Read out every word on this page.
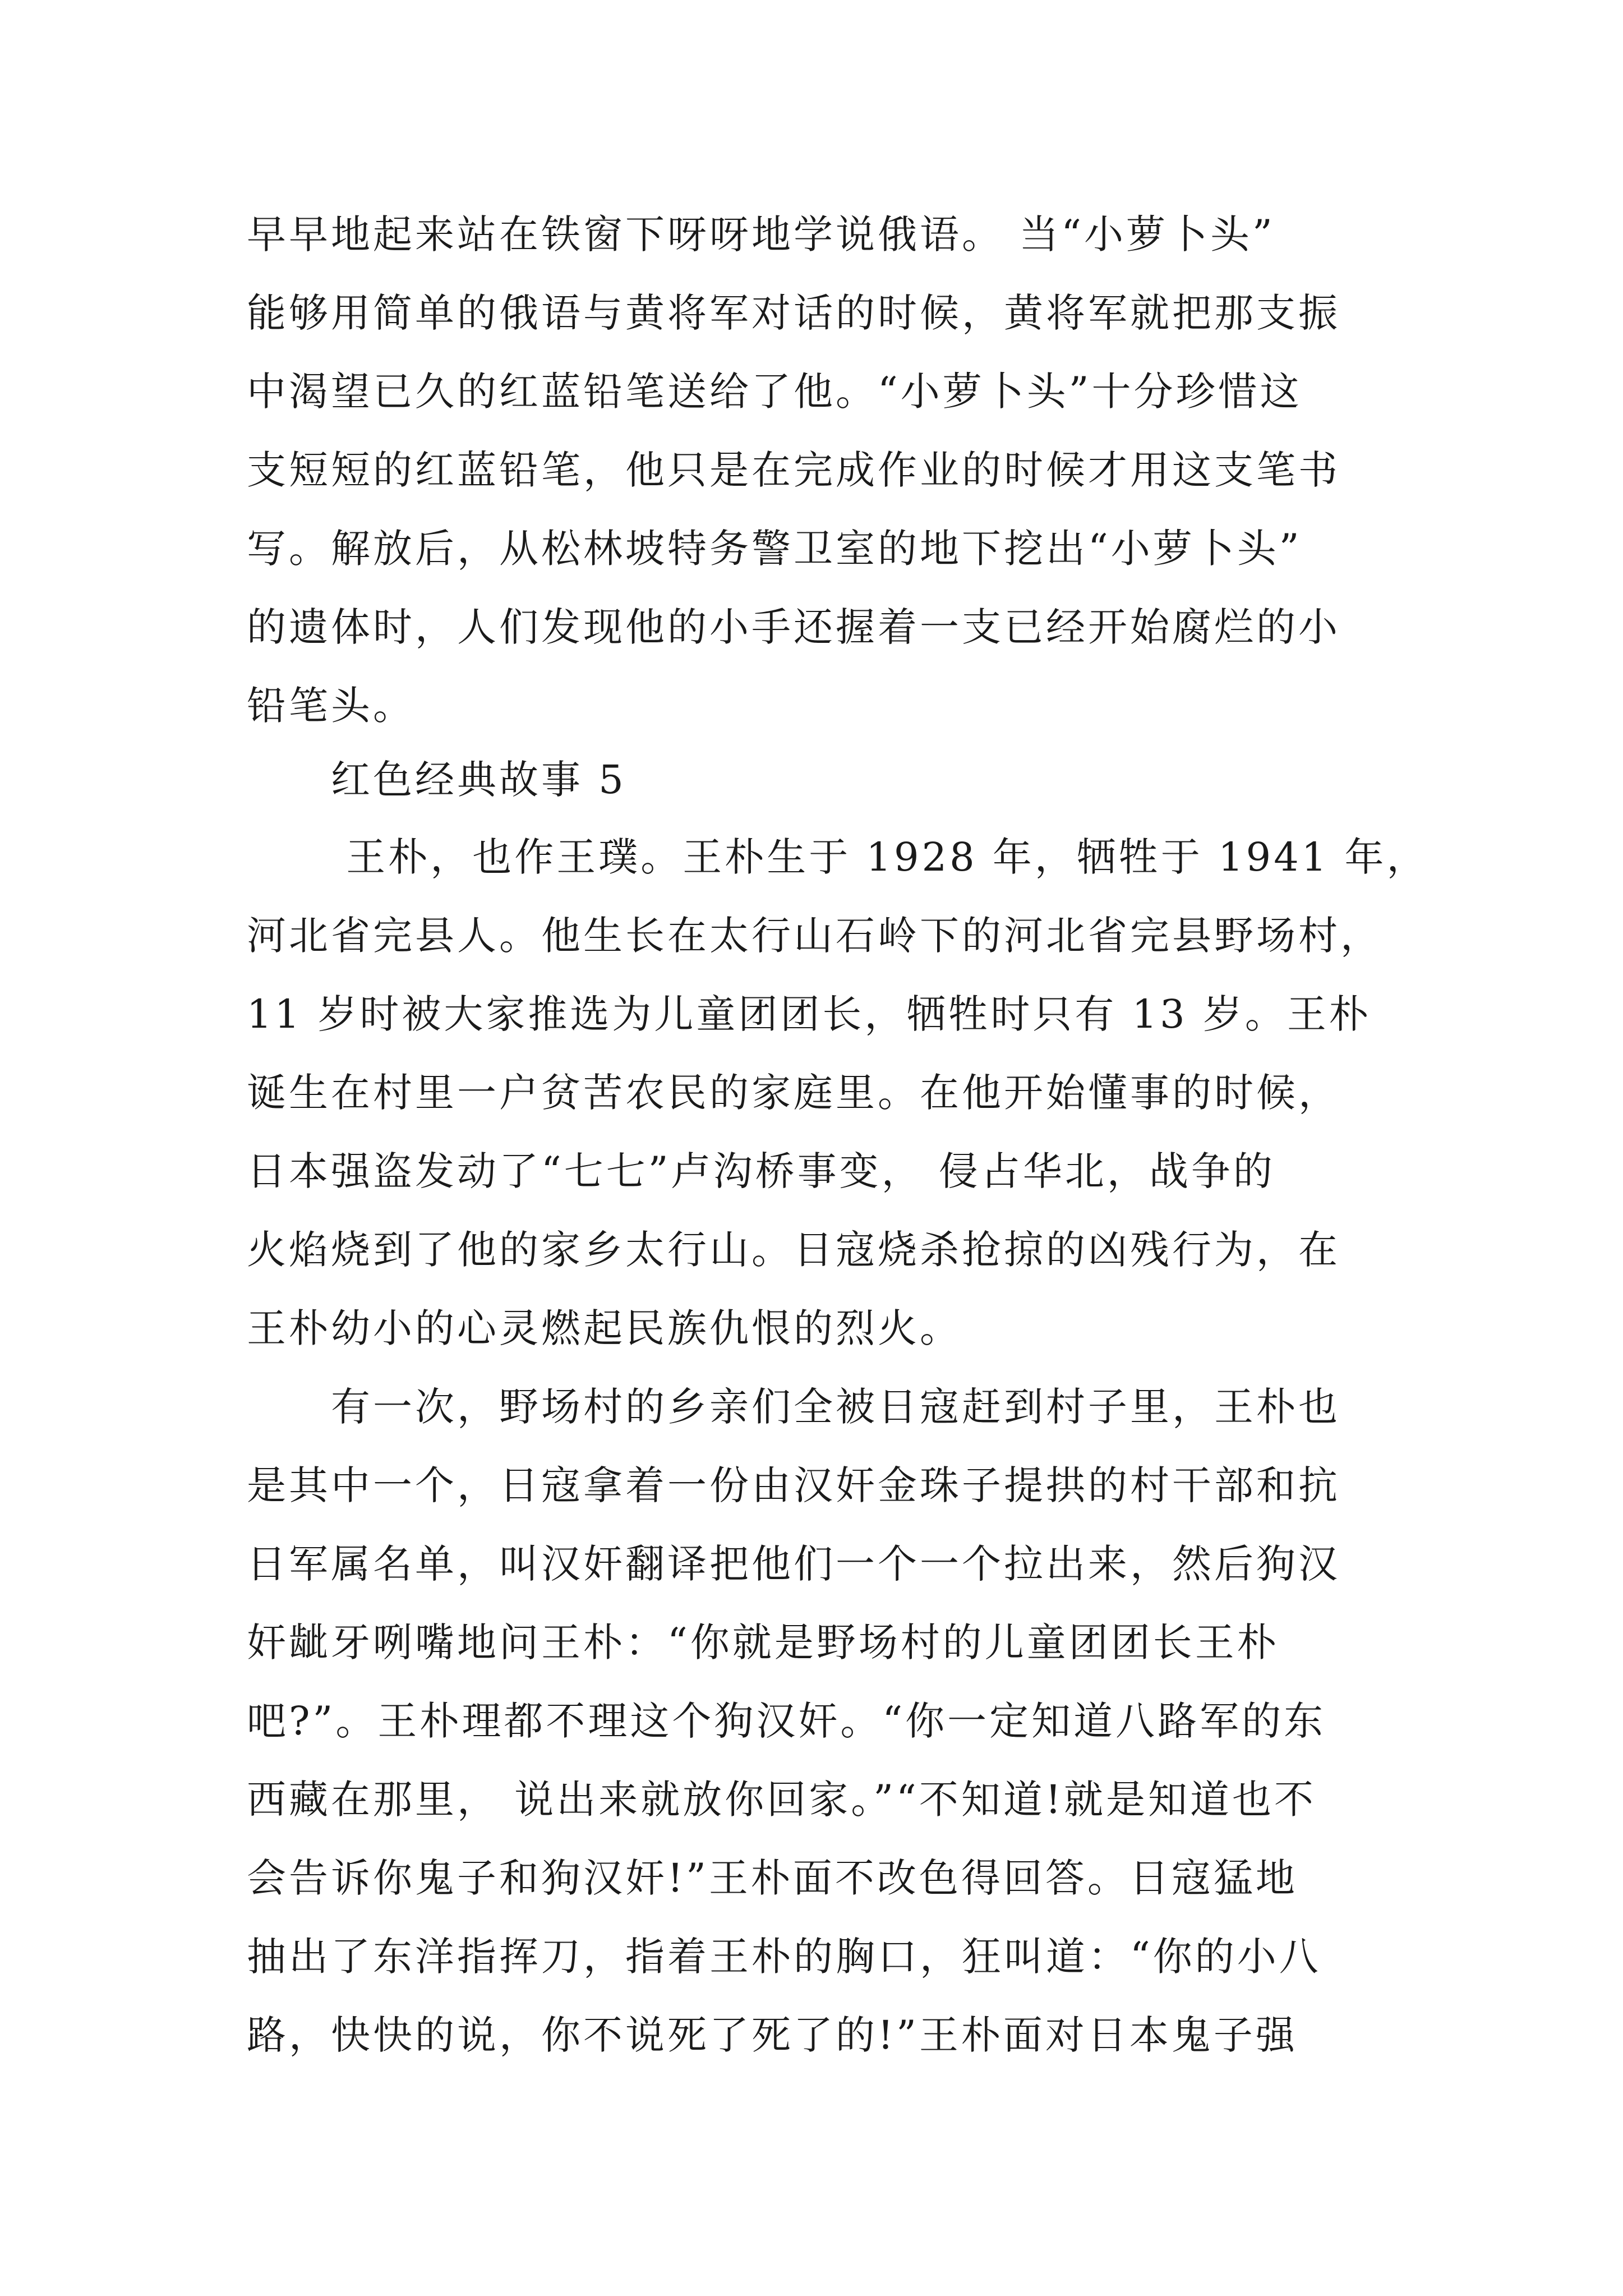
早早地起来站在铁窗下呀呀地学说俄语。 当“小萝卜头”
能够用简单的俄语与黄将军对话的时候，黄将军就把那支振
中渴望已久的红蓝铅笔送给了他。“小萝卜头”十分珍惜这
支短短的红蓝铅笔，他只是在完成作业的时候才用这支笔书
写。解放后，从松林坡特务警卫室的地下挖出“小萝卜头”
的遗体时，人们发现他的小手还握着一支已经开始腐烂的小
铅笔头。
红色经典故事 5
王朴，也作王璞。王朴生于 1928 年，牺牲于 1941 年，
河北省完县人。他生长在太行山石岭下的河北省完县野场村，
11 岁时被大家推选为儿童团团长，牺牲时只有 13 岁。王朴
诞生在村里一户贫苦农民的家庭里。在他开始懂事的时候，
日本强盗发动了“七七”卢沟桥事变， 侵占华北，战争的
火焰烧到了他的家乡太行山。日寇烧杀抢掠的凶残行为，在
王朴幼小的心灵燃起民族仇恨的烈火。
有一次，野场村的乡亲们全被日寇赶到村子里，王朴也
是其中一个，日寇拿着一份由汉奸金珠子提拱的村干部和抗
日军属名单，叫汉奸翻译把他们一个一个拉出来，然后狗汉
奸龇牙咧嘴地问王朴：“你就是野场村的儿童团团长王朴
吧?”。王朴理都不理这个狗汉奸。“你一定知道八路军的东
西藏在那里， 说出来就放你回家。”“不知道!就是知道也不
会告诉你鬼子和狗汉奸!”王朴面不改色得回答。日寇猛地
抽出了东洋指挥刀，指着王朴的胸口，狂叫道：“你的小八
路，快快的说，你不说死了死了的!”王朴面对日本鬼子强
